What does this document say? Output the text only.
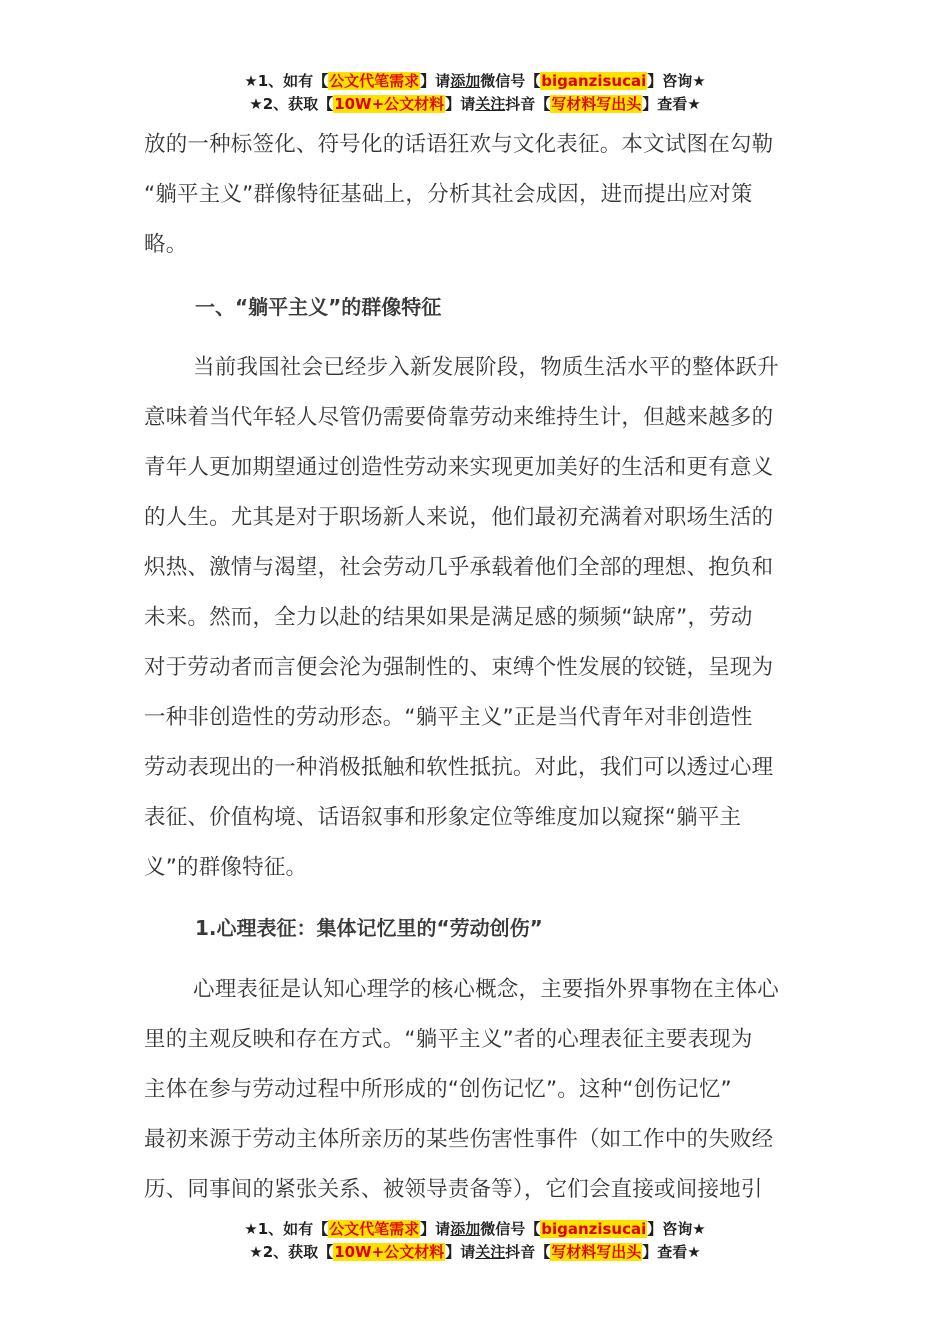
★1、如有【公文代笔需求】请添加微信号【biganzisucai】咨询★
★2、获取【10W+公文材料】请关注抖音【写材料写出头】查看★

放的一种标签化、符号化的话语狂欢与文化表征。本文试图在勾勒
“躺平主义”群像特征基础上，分析其社会成因，进而提出应对策
略。

一、“躺平主义”的群像特征

当前我国社会已经步入新发展阶段，物质生活水平的整体跃升
意味着当代年轻人尽管仍需要倚靠劳动来维持生计，但越来越多的
青年人更加期望通过创造性劳动来实现更加美好的生活和更有意义
的人生。尤其是对于职场新人来说，他们最初充满着对职场生活的
炽热、激情与渴望，社会劳动几乎承载着他们全部的理想、抱负和
未来。然而，全力以赴的结果如果是满足感的频频“缺席”，劳动
对于劳动者而言便会沦为强制性的、束缚个性发展的铰链，呈现为
一种非创造性的劳动形态。“躺平主义”正是当代青年对非创造性
劳动表现出的一种消极抵触和软性抵抗。对此，我们可以透过心理
表征、价值构境、话语叙事和形象定位等维度加以窥探“躺平主
义”的群像特征。

1.心理表征：集体记忆里的“劳动创伤”

心理表征是认知心理学的核心概念，主要指外界事物在主体心
里的主观反映和存在方式。“躺平主义”者的心理表征主要表现为
主体在参与劳动过程中所形成的“创伤记忆”。这种“创伤记忆”
最初来源于劳动主体所亲历的某些伤害性事件（如工作中的失败经
历、同事间的紧张关系、被领导责备等），它们会直接或间接地引

★1、如有【公文代笔需求】请添加微信号【biganzisucai】咨询★
★2、获取【10W+公文材料】请关注抖音【写材料写出头】查看★
